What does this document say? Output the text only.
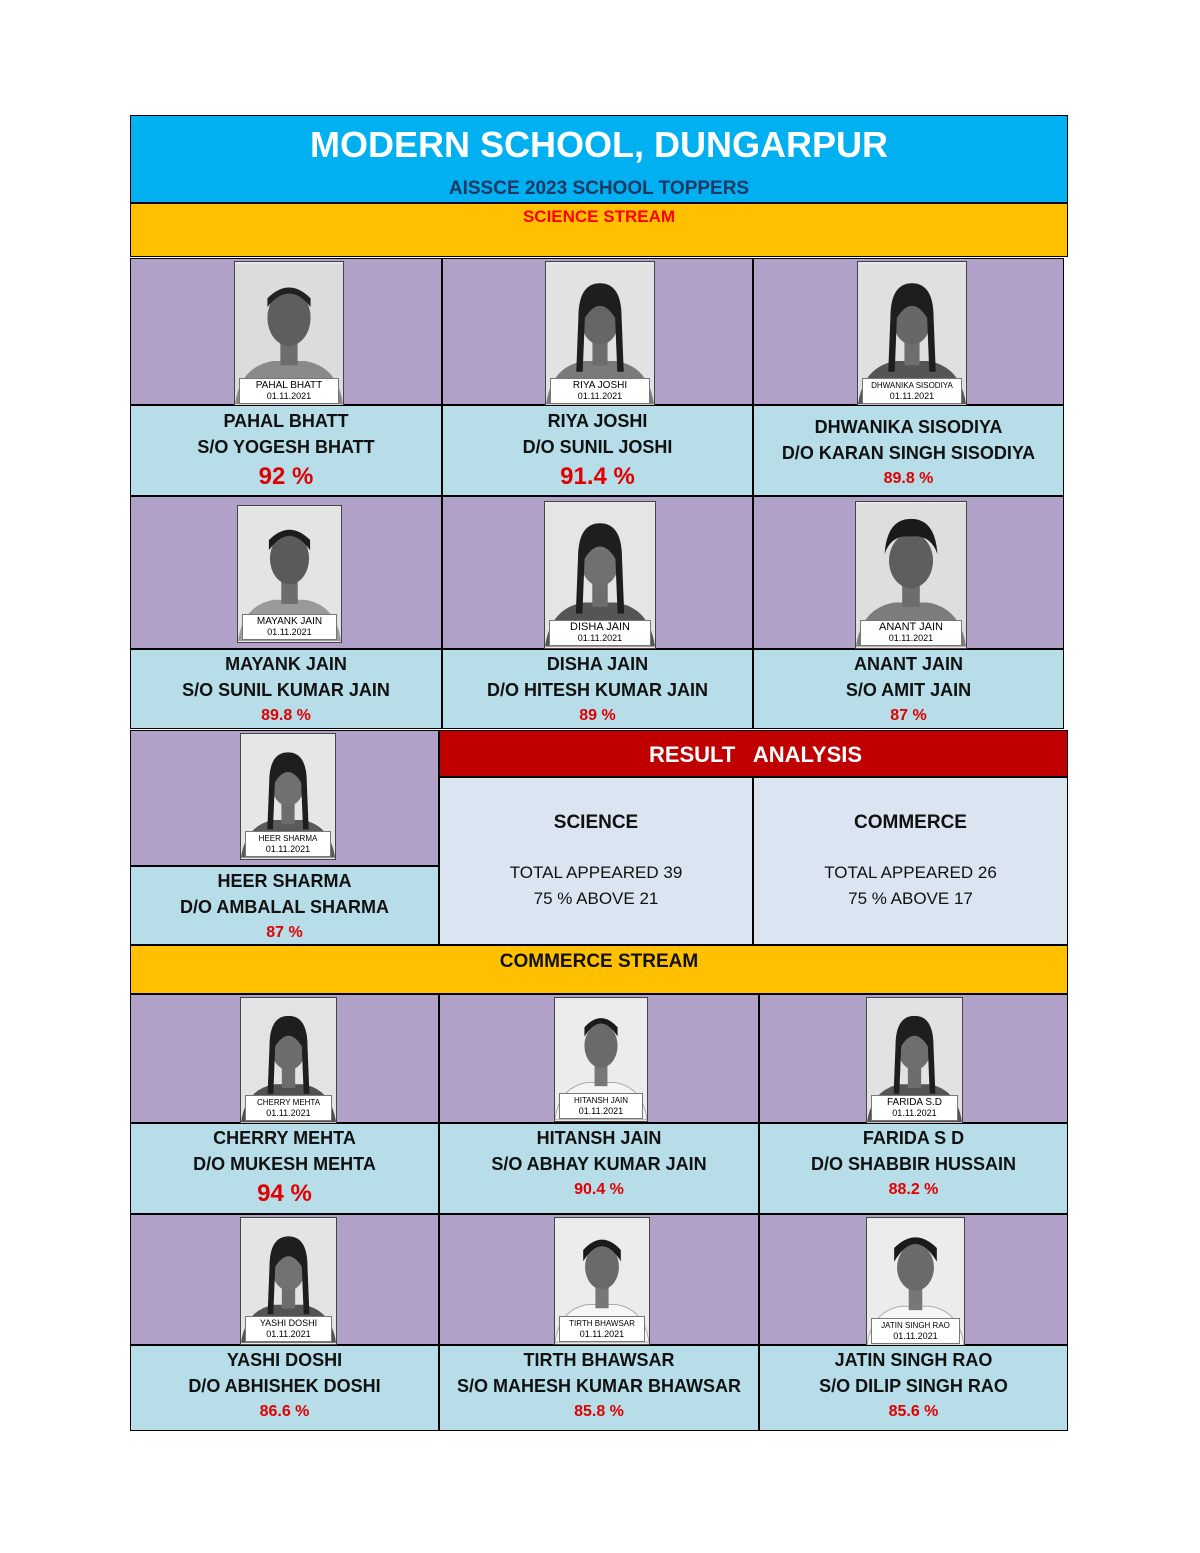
MODERN SCHOOL, DUNGARPUR
AISSCE 2023 SCHOOL TOPPERS
SCIENCE STREAM
PAHAL BHATT
01.11.2021
RIYA JOSHI
01.11.2021
DHWANIKA SISODIYA
01.11.2021
PAHAL BHATT
S/O YOGESH BHATT
92 %
RIYA JOSHI
D/O SUNIL JOSHI
91.4 %
DHWANIKA SISODIYA
D/O KARAN SINGH SISODIYA
89.8 %
MAYANK JAIN
01.11.2021	DISHA JAIN
01.11.2021
ANANT JAIN
01.11.2021
MAYANK JAIN
S/O SUNIL KUMAR JAIN
89.8 %
DISHA JAIN
D/O HITESH KUMAR JAIN
89 %
ANANT JAIN
S/O AMIT JAIN
87 %
HEER SHARMA
01.11.2021
HEER SHARMA
D/O AMBALAL SHARMA
87 %
RESULT   ANALYSIS
SCIENCE
TOTAL APPEARED 39
75 % ABOVE 21
COMMERCE
TOTAL APPEARED 26
75 % ABOVE 17
COMMERCE STREAM
CHERRY MEHTA
01.11.2021
HITANSH JAIN
01.11.2021
FARIDA S.D
01.11.2021
CHERRY MEHTA
D/O MUKESH MEHTA
94 %
HITANSH JAIN
S/O ABHAY KUMAR JAIN
90.4 %
FARIDA S D
D/O SHABBIR HUSSAIN
88.2 %
YASHI DOSHI
01.11.2021
TIRTH BHAWSAR
01.11.2021
JATIN SINGH RAO
01.11.2021
YASHI DOSHI
D/O ABHISHEK DOSHI
86.6 %
TIRTH BHAWSAR
S/O MAHESH KUMAR BHAWSAR
85.8 %
JATIN SINGH RAO
S/O DILIP SINGH RAO
85.6 %
